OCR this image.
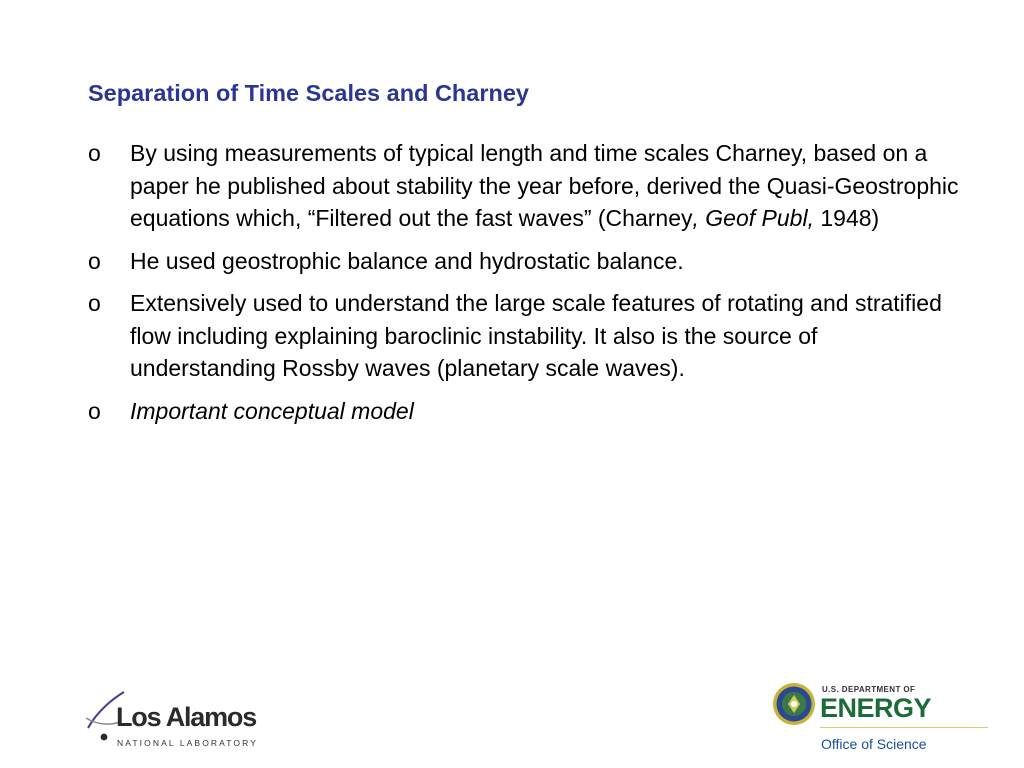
Separation of Time Scales and Charney
o By using measurements of typical length and time scales Charney, based on a paper he published about stability the year before, derived the Quasi-Geostrophic equations which, “Filtered out the fast waves” (Charney, Geof Publ, 1948)
o He used geostrophic balance and hydrostatic balance.
o Extensively used to understand the large scale features of rotating and stratified flow including explaining baroclinic instability. It also is the source of understanding Rossby waves (planetary scale waves).
o Important conceptual model
Los Alamos
NATIONAL LABORATORY
U.S. DEPARTMENT OF
ENERGY
Office of Science
